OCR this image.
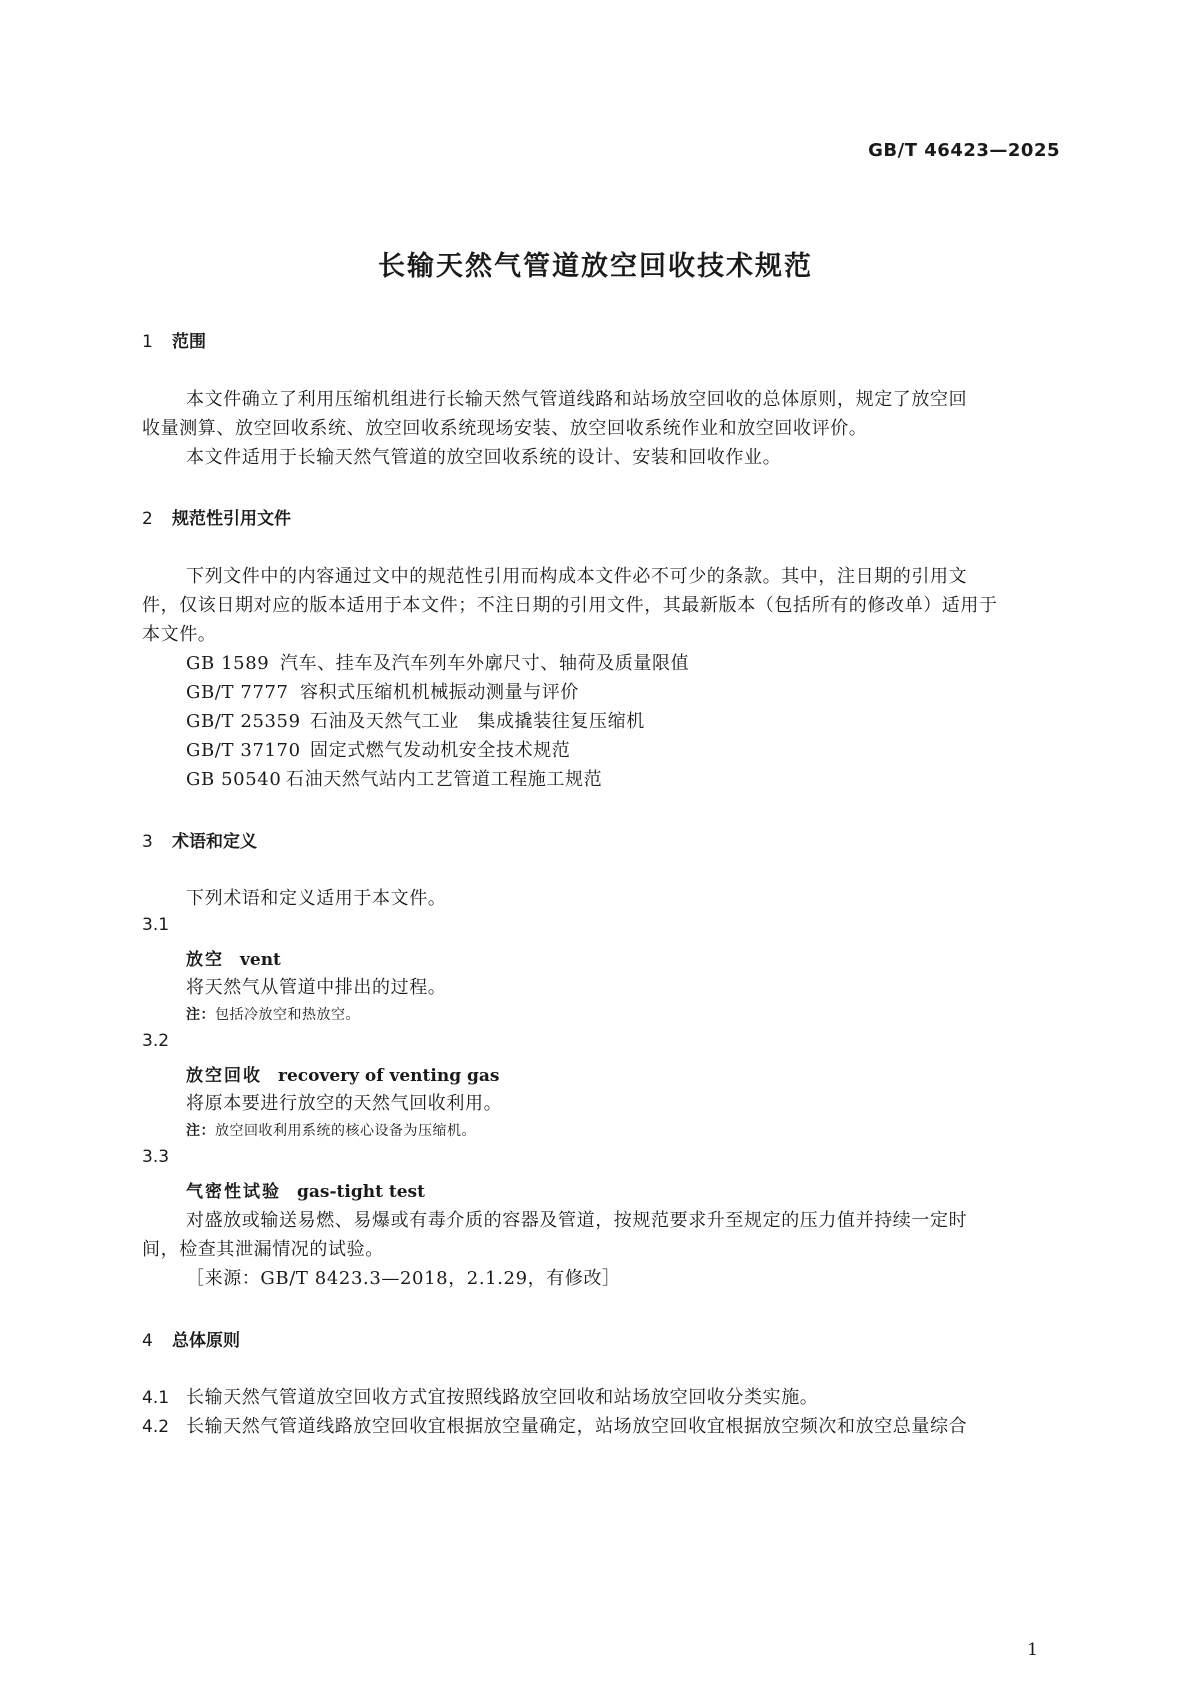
GB/T 46423—2025
长输天然气管道放空回收技术规范
1 范围
本文件确立了利用压缩机组进行长输天然气管道线路和站场放空回收的总体原则，规定了放空回
收量测算、放空回收系统、放空回收系统现场安装、放空回收系统作业和放空回收评价。
本文件适用于长输天然气管道的放空回收系统的设计、安装和回收作业。
2 规范性引用文件
下列文件中的内容通过文中的规范性引用而构成本文件必不可少的条款。其中，注日期的引用文
件，仅该日期对应的版本适用于本文件；不注日期的引用文件，其最新版本（包括所有的修改单）适用于
本文件。
GB 1589 汽车、挂车及汽车列车外廓尺寸、轴荷及质量限值
GB/T 7777 容积式压缩机机械振动测量与评价
GB/T 25359 石油及天然气工业　集成撬装往复压缩机
GB/T 37170 固定式燃气发动机安全技术规范
GB 50540 石油天然气站内工艺管道工程施工规范
3 术语和定义
下列术语和定义适用于本文件。
3.1
放空 vent
将天然气从管道中排出的过程。
注：包括冷放空和热放空。
3.2
放空回收 recovery of venting gas
将原本要进行放空的天然气回收利用。
注：放空回收利用系统的核心设备为压缩机。
3.3
气密性试验 gas-tight test
对盛放或输送易燃、易爆或有毒介质的容器及管道，按规范要求升至规定的压力值并持续一定时
间，检查其泄漏情况的试验。
［来源：GB/T 8423.3—2018，2.1.29，有修改］
4 总体原则
4.1 长输天然气管道放空回收方式宜按照线路放空回收和站场放空回收分类实施。
4.2 长输天然气管道线路放空回收宜根据放空量确定，站场放空回收宜根据放空频次和放空总量综合
1
